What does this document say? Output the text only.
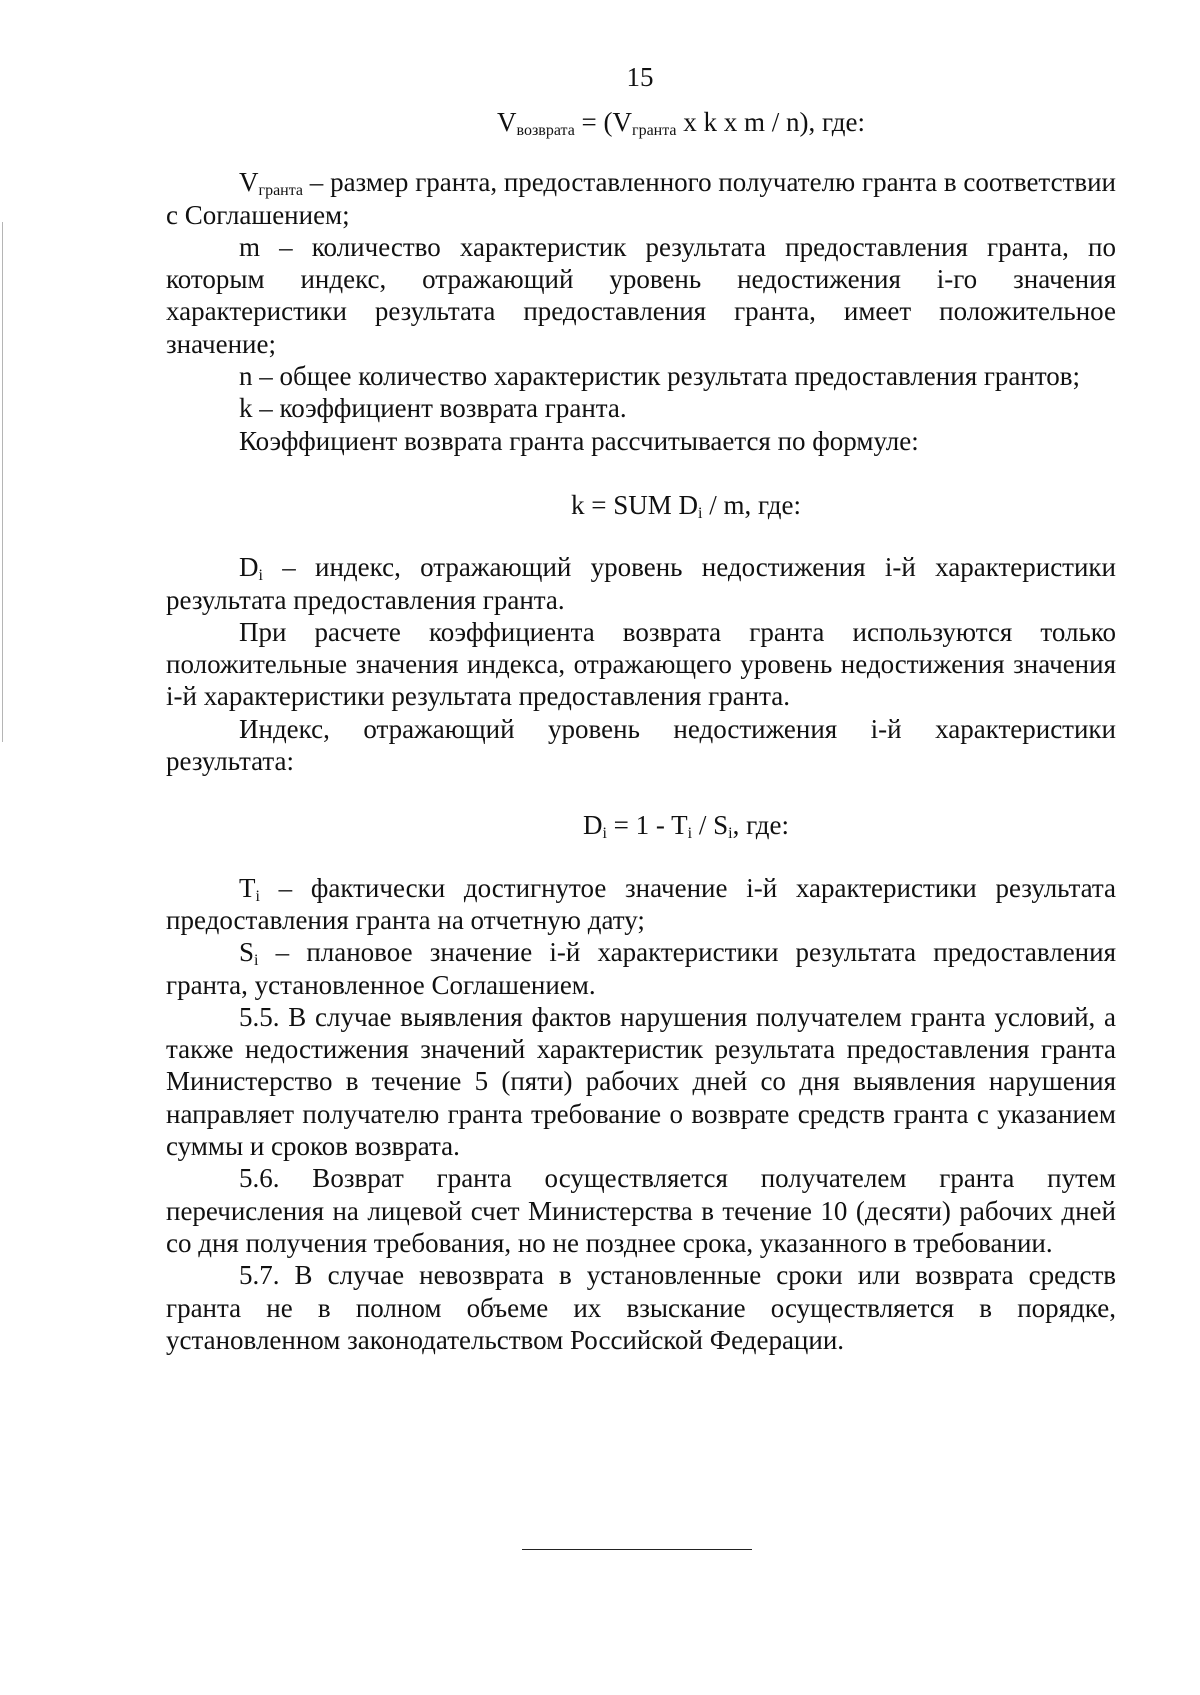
15
$V_{возврата} = (V_{гранта}$ x k x m / n), где:

$V_{гранта}$ – размер гранта, предоставленного получателю гранта в соответствии с Соглашением;

m – количество характеристик результата предоставления гранта, по которым индекс, отражающий уровень недостижения i-го значения характеристики результата предоставления гранта, имеет положительное значение;

n – общее количество характеристик результата предоставления грантов;

k – коэффициент возврата гранта.

Коэффициент возврата гранта рассчитывается по формуле:

k = SUM $D_i$ / m, где:

$D_i$ – индекс, отражающий уровень недостижения i-й характеристики результата предоставления гранта.

При расчете коэффициента возврата гранта используются только положительные значения индекса, отражающего уровень недостижения значения i-й характеристики результата предоставления гранта.

Индекс, отражающий уровень недостижения i-й характеристики результата:

$D_i = 1 - T_i / S_i$, где:

$T_i$ – фактически достигнутое значение i-й характеристики результата предоставления гранта на отчетную дату;

$S_i$ – плановое значение i-й характеристики результата предоставления гранта, установленное Соглашением.

5.5. В случае выявления фактов нарушения получателем гранта условий, а также недостижения значений характеристик результата предоставления гранта Министерство в течение 5 (пяти) рабочих дней со дня выявления нарушения направляет получателю гранта требование о возврате средств гранта с указанием суммы и сроков возврата.

5.6. Возврат гранта осуществляется получателем гранта путем перечисления на лицевой счет Министерства в течение 10 (десяти) рабочих дней со дня получения требования, но не позднее срока, указанного в требовании.

5.7. В случае невозврата в установленные сроки или возврата средств гранта не в полном объеме их взыскание осуществляется в порядке, установленном законодательством Российской Федерации.
